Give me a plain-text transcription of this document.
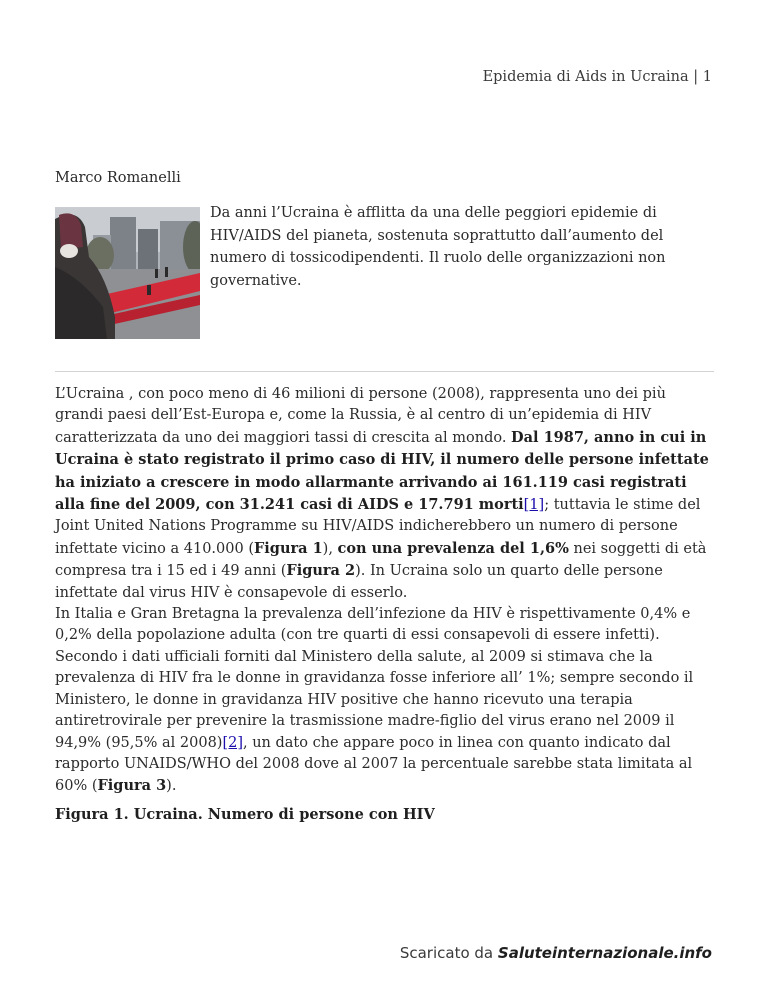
Epidemia di Aids in Ucraina | 1
Marco Romanelli

Da anni l’Ucraina è afflitta da una delle peggiori epidemie di HIV/AIDS del pianeta, sostenuta soprattutto dall’aumento del numero di tossicodipendenti. Il ruolo delle organizzazioni non governative.

L’Ucraina , con poco meno di 46 milioni di persone (2008), rappresenta uno dei più grandi paesi dell’Est-Europa e, come la Russia, è al centro di un’epidemia di HIV caratterizzata da uno dei maggiori tassi di crescita al mondo. Dal 1987, anno in cui in Ucraina è stato registrato il primo caso di HIV, il numero delle persone infettate ha iniziato a crescere in modo allarmante arrivando ai 161.119 casi registrati alla fine del 2009, con 31.241 casi di AIDS e 17.791 morti[1]; tuttavia le stime del Joint United Nations Programme su HIV/AIDS indicherebbero un numero di persone infettate vicino a 410.000 (Figura 1), con una prevalenza del 1,6% nei soggetti di età compresa tra i 15 ed i 49 anni (Figura 2). In Ucraina solo un quarto delle persone infettate dal virus HIV è consapevole di esserlo.

In Italia e Gran Bretagna la prevalenza dell’infezione da HIV è rispettivamente 0,4% e 0,2% della popolazione adulta (con tre quarti di essi consapevoli di essere infetti).

Secondo i dati ufficiali forniti dal Ministero della salute, al 2009 si stimava che la prevalenza di HIV fra le donne in gravidanza fosse inferiore all’ 1%; sempre secondo il Ministero, le donne in gravidanza HIV positive che hanno ricevuto una terapia antiretrovirale per prevenire la trasmissione madre-figlio del virus erano nel 2009 il 94,9% (95,5% al 2008)[2], un dato che appare poco in linea con quanto indicato dal rapporto UNAIDS/WHO del 2008 dove al 2007 la percentuale sarebbe stata limitata al 60% (Figura 3).

Figura 1. Ucraina. Numero di persone con HIV

Scaricato da Saluteinternazionale.info
